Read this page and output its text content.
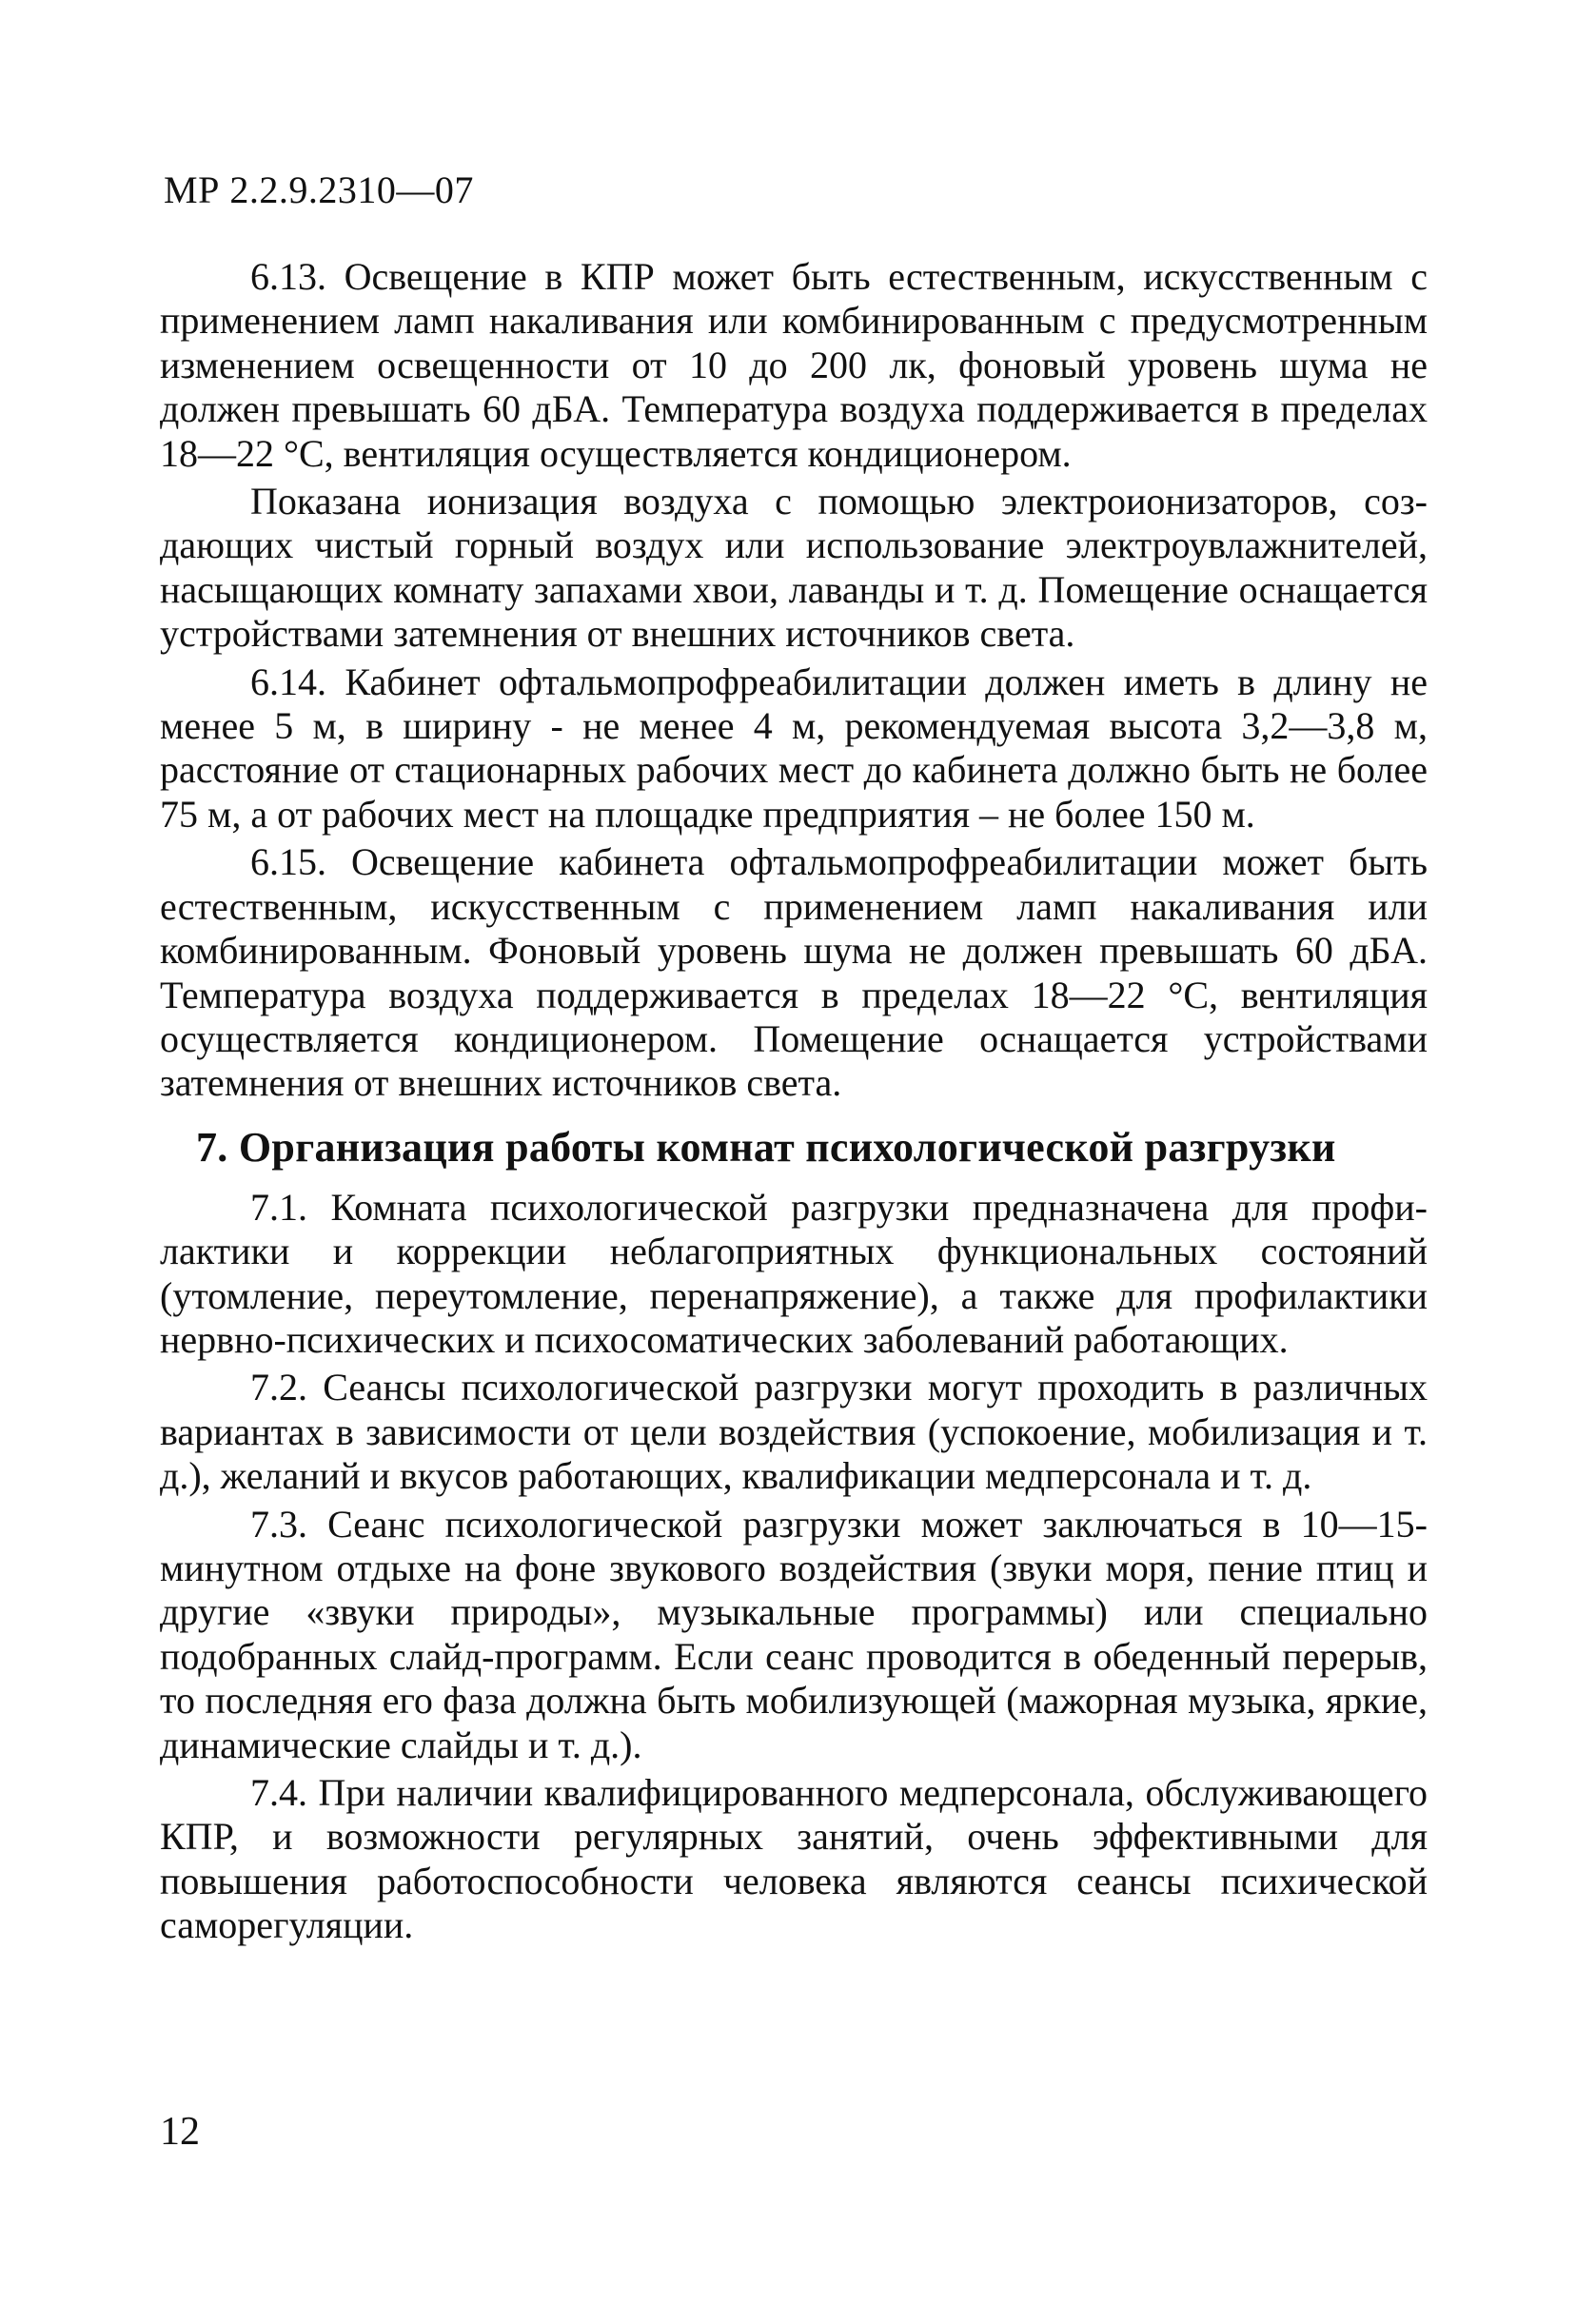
МР 2.2.9.2310—07

6.13. Освещение в КПР может быть естественным, искусственным с применением ламп накаливания или комбинированным с предусмотренным изменением освещенности от 10 до 200 лк, фоновый уровень шума не должен превышать 60 дБА. Температура воздуха поддерживается в пределах 18—22 °С, вентиляция осуществляется кондиционером.

Показана ионизация воздуха с помощью электроионизаторов, создающих чистый горный воздух или использование электроувлажнителей, насыщающих комнату запахами хвои, лаванды и т. д. Помещение оснащается устройствами затемнения от внешних источников света.

6.14. Кабинет офтальмопрофреабилитации должен иметь в длину не менее 5 м, в ширину - не менее 4 м, рекомендуемая высота 3,2—3,8 м, расстояние от стационарных рабочих мест до кабинета должно быть не более 75 м, а от рабочих мест на площадке предприятия – не более 150 м.

6.15. Освещение кабинета офтальмопрофреабилитации может быть естественным, искусственным с применением ламп накаливания или комбинированным. Фоновый уровень шума не должен превышать 60 дБА. Температура воздуха поддерживается в пределах 18—22 °С, вентиляция осуществляется кондиционером. Помещение оснащается устройствами затемнения от внешних источников света.

7. Организация работы комнат психологической разгрузки

7.1. Комната психологической разгрузки предназначена для профилактики и коррекции неблагоприятных функциональных состояний (утомление, переутомление, перенапряжение), а также для профилактики нервно-психических и психосоматических заболеваний работающих.

7.2. Сеансы психологической разгрузки могут проходить в различных вариантах в зависимости от цели воздействия (успокоение, мобилизация и т. д.), желаний и вкусов работающих, квалификации медперсонала и т. д.

7.3. Сеанс психологической разгрузки может заключаться в 10—15-минутном отдыхе на фоне звукового воздействия (звуки моря, пение птиц и другие «звуки природы», музыкальные программы) или специально подобранных слайд-программ. Если сеанс проводится в обеденный перерыв, то последняя его фаза должна быть мобилизующей (мажорная музыка, яркие, динамические слайды и т. д.).

7.4. При наличии квалифицированного медперсонала, обслуживающего КПР, и возможности регулярных занятий, очень эффективными для повышения работоспособности человека являются сеансы психической саморегуляции.

12
